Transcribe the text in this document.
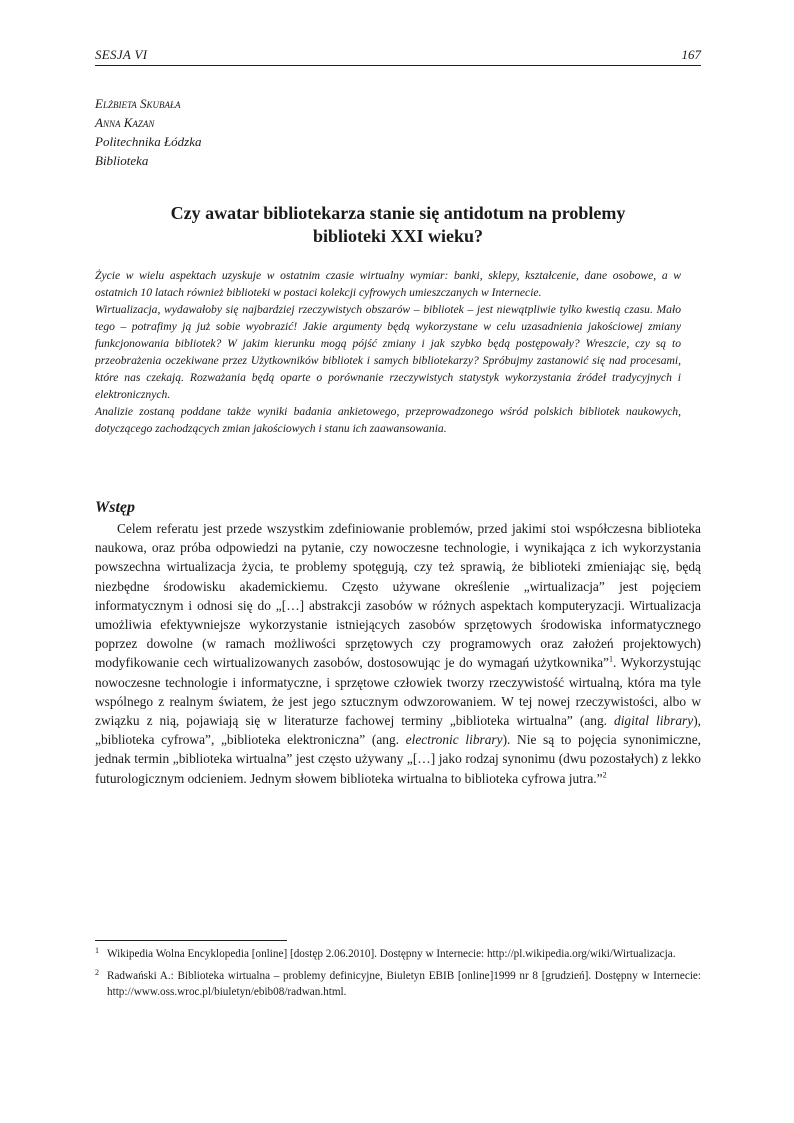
SESJA VI	167
Elżbieta Skubała
Anna Kazan
Politechnika Łódzka
Biblioteka
Czy awatar bibliotekarza stanie się antidotum na problemy
biblioteki XXI wieku?

Życie w wielu aspektach uzyskuje w ostatnim czasie wirtualny wymiar: banki, sklepy, kształcenie, dane osobowe, a w ostatnich 10 latach również biblioteki w postaci kolekcji cyfrowych umieszczanych w Internecie.

Wirtualizacja, wydawałoby się najbardziej rzeczywistych obszarów – bibliotek – jest niewątpliwie tylko kwestią czasu. Mało tego – potrafimy ją już sobie wyobrazić! Jakie argumenty będą wykorzystane w celu uzasadnienia jakościowej zmiany funkcjonowania bibliotek? W jakim kierunku mogą pójść zmiany i jak szybko będą postępowały? Wreszcie, czy są to przeobrażenia oczekiwane przez Użytkowników bibliotek i samych bibliotekarzy? Spróbujmy zastanowić się nad procesami, które nas czekają. Rozważania będą oparte o porównanie rzeczywistych statystyk wykorzystania źródeł tradycyjnych i elektronicznych.

Analizie zostaną poddane także wyniki badania ankietowego, przeprowadzonego wśród polskich bibliotek naukowych, dotyczącego zachodzących zmian jakościowych i stanu ich zaawansowania.

Wstęp

Celem referatu jest przede wszystkim zdefiniowanie problemów, przed jakimi stoi współczesna biblioteka naukowa, oraz próba odpowiedzi na pytanie, czy nowoczesne technologie, i wynikająca z ich wykorzystania powszechna wirtualizacja życia, te problemy spotęgują, czy też sprawią, że biblioteki zmieniając się, będą niezbędne środowisku akademickiemu. Często używane określenie „wirtualizacja” jest pojęciem informatycznym i odnosi się do „[…] abstrakcji zasobów w różnych aspektach komputeryzacji. Wirtualizacja umożliwia efektywniejsze wykorzystanie istniejących zasobów sprzętowych środowiska informatycznego poprzez dowolne (w ramach możliwości sprzętowych czy programowych oraz założeń projektowych) modyfikowanie cech wirtualizowanych zasobów, dostosowując je do wymagań użytkownika”$^1$. Wykorzystując nowoczesne technologie i informatyczne, i sprzętowe człowiek tworzy rzeczywistość wirtualną, która ma tyle wspólnego z realnym światem, że jest jego sztucznym odwzorowaniem. W tej nowej rzeczywistości, albo w związku z nią, pojawiają się w literaturze fachowej terminy „biblioteka wirtualna” (ang. digital library), „biblioteka cyfrowa”, „biblioteka elektroniczna” (ang. electronic library). Nie są to pojęcia synonimiczne, jednak termin „biblioteka wirtualna” jest często używany „[…] jako rodzaj synonimu (dwu pozostałych) z lekko futurologicznym odcieniem. Jednym słowem biblioteka wirtualna to biblioteka cyfrowa jutra.”$^2$

1 Wikipedia Wolna Encyklopedia [online] [dostęp 2.06.2010]. Dostępny w Internecie: http://pl.wikipedia.org/wiki/Wirtualizacja.
2 Radwański A.: Biblioteka wirtualna – problemy definicyjne, Biuletyn EBIB [online]1999 nr 8 [grudzień]. Dostępny w Internecie: http://www.oss.wroc.pl/biuletyn/ebib08/radwan.html.
